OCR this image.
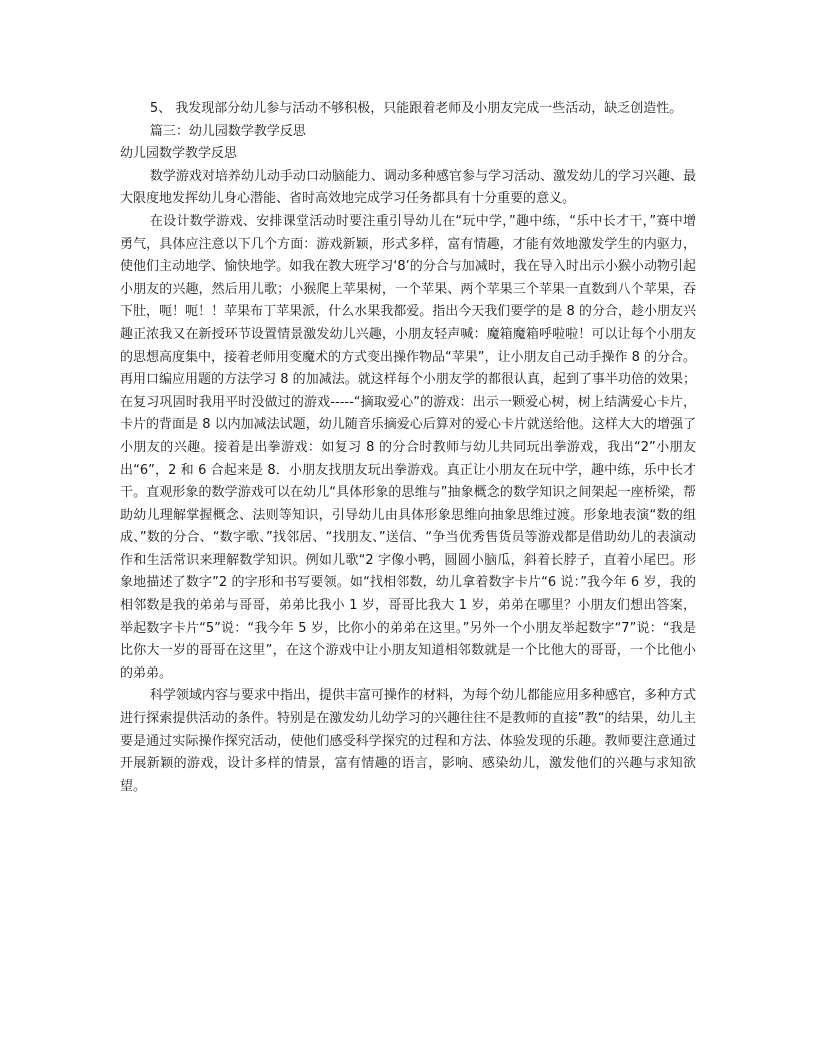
5、 我发现部分幼儿参与活动不够积极，只能跟着老师及小朋友完成一些活动，缺乏创造性。

篇三：幼儿园数学教学反思

幼儿园数学教学反思

数学游戏对培养幼儿动手动口动脑能力、调动多种感官参与学习活动、激发幼儿的学习兴趣、最大限度地发挥幼儿身心潜能、省时高效地完成学习任务都具有十分重要的意义。

在设计数学游戏、安排课堂活动时要注重引导幼儿在“玩中学，”趣中练，“乐中长才干，”赛中增勇气，具体应注意以下几个方面：游戏新颖，形式多样，富有情趣，才能有效地激发学生的内驱力，使他们主动地学、愉快地学。如我在教大班学习‘8’的分合与加减时，我在导入时出示小猴小动物引起小朋友的兴趣，然后用儿歌；小猴爬上苹果树，一个苹果、两个苹果三个苹果一直数到八个苹果，吞下肚，呃！呃！！苹果布丁苹果派，什么水果我都爱。指出今天我们要学的是 8 的分合，趁小朋友兴趣正浓我又在新授环节设置情景激发幼儿兴趣，小朋友轻声喊：魔箱魔箱呼啦啦！可以让每个小朋友的思想高度集中，接着老师用变魔术的方式变出操作物品“苹果”，让小朋友自己动手操作 8 的分合。再用口编应用题的方法学习 8 的加减法。就这样每个小朋友学的都很认真，起到了事半功倍的效果；在复习巩固时我用平时没做过的游戏-----“摘取爱心”的游戏：出示一颗爱心树，树上结满爱心卡片，卡片的背面是 8 以内加减法试题，幼儿随音乐摘爱心后算对的爱心卡片就送给他。这样大大的增强了小朋友的兴趣。接着是出拳游戏：如复习 8 的分合时教师与幼儿共同玩出拳游戏，我出“2”小朋友出“6”，2 和 6 合起来是 8．小朋友找朋友玩出拳游戏。真正让小朋友在玩中学，趣中练，乐中长才干。直观形象的数学游戏可以在幼儿“具体形象的思维与”抽象概念的数学知识之间架起一座桥梁，帮助幼儿理解掌握概念、法则等知识，引导幼儿由具体形象思维向抽象思维过渡。形象地表演“数的组成、”数的分合、“数字歌、”找邻居、“找朋友、”送信、“争当优秀售货员等游戏都是借助幼儿的表演动作和生活常识来理解数学知识。例如儿歌“2 字像小鸭，圆圆小脑瓜，斜着长脖子，直着小尾巴。形象地描述了数字”2 的字形和书写要领。如“找相邻数，幼儿拿着数字卡片“6 说：”我今年 6 岁，我的相邻数是我的弟弟与哥哥，弟弟比我小 1 岁，哥哥比我大 1 岁，弟弟在哪里？小朋友们想出答案，举起数字卡片“5”说：“我今年 5 岁，比你小的弟弟在这里。”另外一个小朋友举起数字“7”说：“我是比你大一岁的哥哥在这里”，在这个游戏中让小朋友知道相邻数就是一个比他大的哥哥，一个比他小的弟弟。

科学领域内容与要求中指出，提供丰富可操作的材料，为每个幼儿都能应用多种感官，多种方式进行探索提供活动的条件。特别是在激发幼儿幼学习的兴趣往往不是教师的直接”教“的结果，幼儿主要是通过实际操作探究活动，使他们感受科学探究的过程和方法、体验发现的乐趣。教师要注意通过开展新颖的游戏，设计多样的情景，富有情趣的语言，影响、感染幼儿，激发他们的兴趣与求知欲望。
